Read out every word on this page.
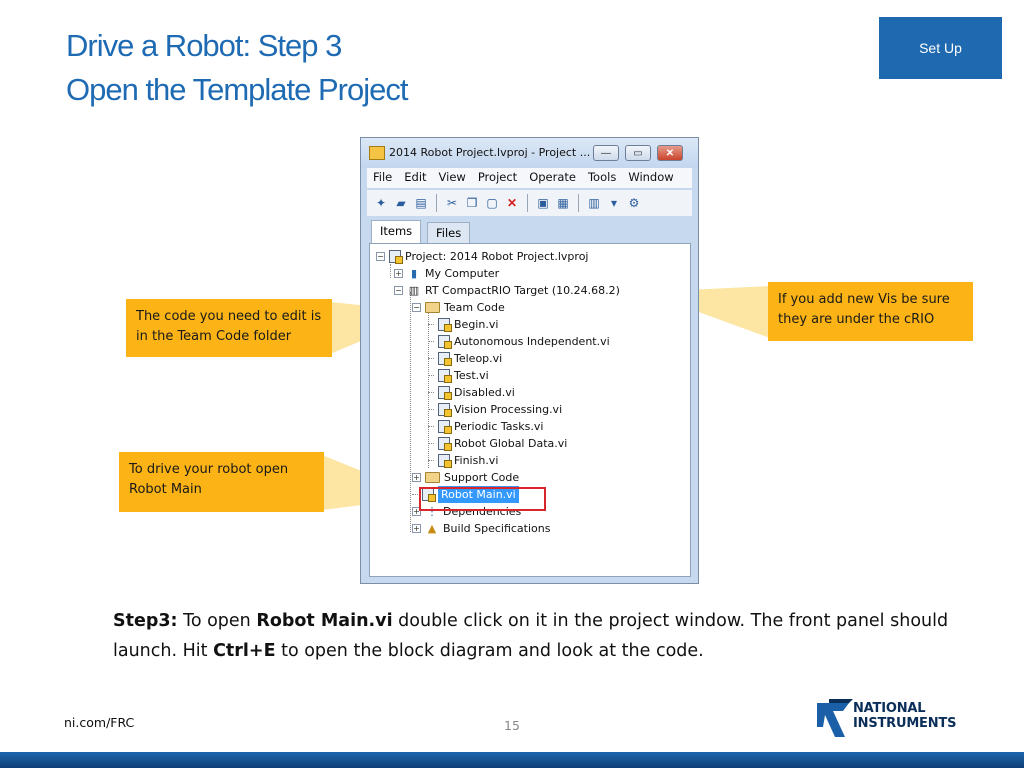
Drive a Robot: Step 3
Open the Template Project
Set Up
The code you need to edit is in the Team Code folder
If you add new Vis be sure they are under the cRIO
To drive your robot open Robot Main
2014 Robot Project.lvproj - Project ...	—	▭	✕
File	Edit	View	Project	Operate	Tools	Window
✦ ▰ ▤ ✂ ❐ ▢ ✕ ▣ ▦ ▥ ▾ ⚙
Items	Files
− Project: 2014 Robot Project.lvproj
+ ▮ My Computer
− ▥ RT CompactRIO Target (10.24.68.2)
− Team Code
Begin.vi
Autonomous Independent.vi
Teleop.vi
Test.vi
Disabled.vi
Vision Processing.vi
Periodic Tasks.vi
Robot Global Data.vi
Finish.vi
+ Support Code
Robot Main.vi
+ ⋮ Dependencies
+ ▲ Build Specifications
Step3: To open Robot Main.vi double click on it in the project window. The front panel should launch. Hit Ctrl+E to open the block diagram and look at the code.
ni.com/FRC	15
NATIONAL
INSTRUMENTS
